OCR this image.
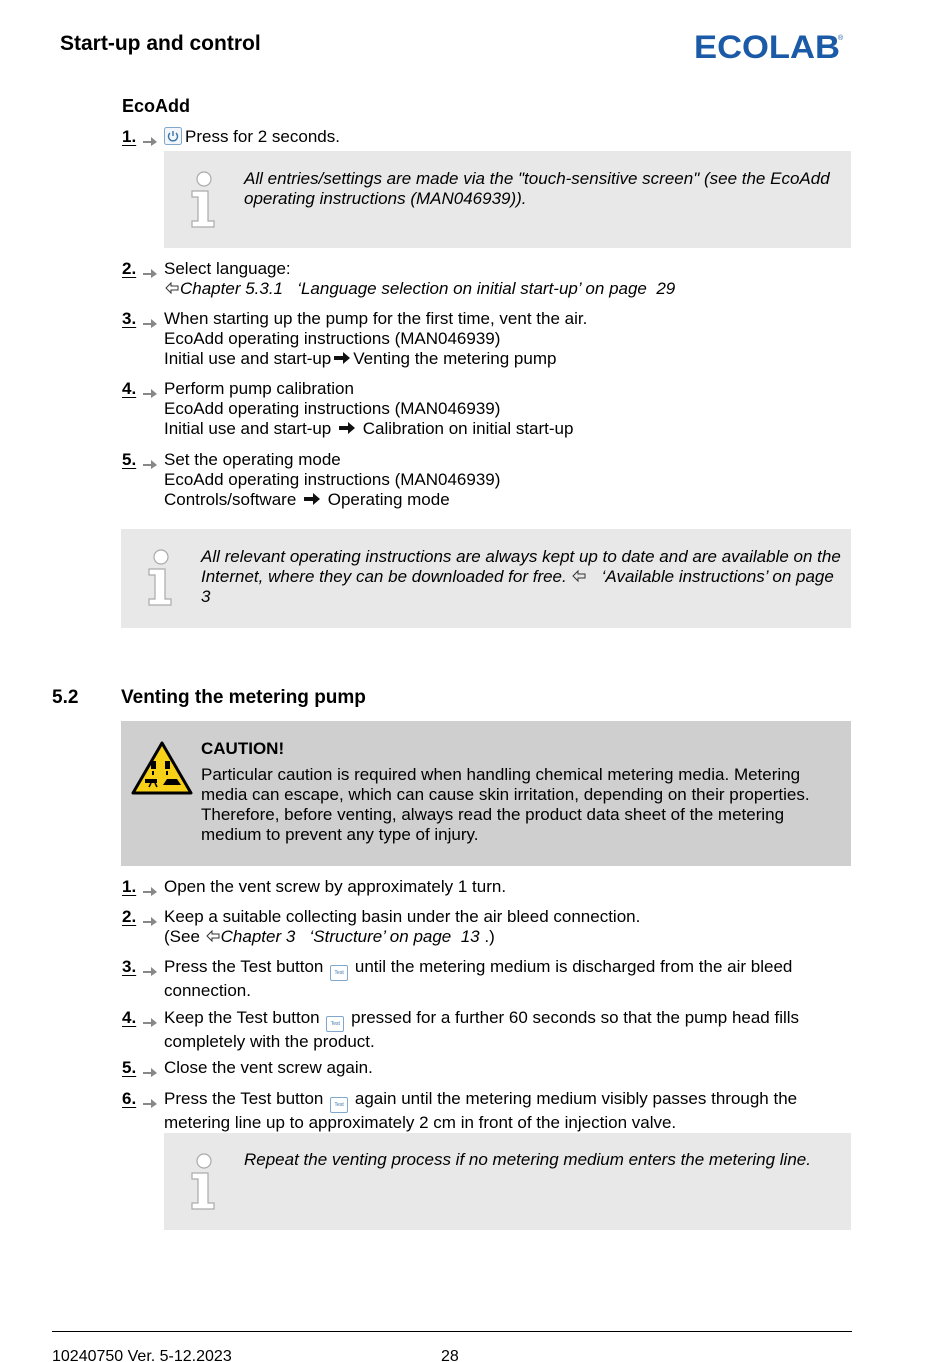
Start-up and control	ECOLAB
®
EcoAdd
1.	Press for 2 seconds.
All entries/settings are made via the "touch-sensitive screen" (see the EcoAdd operating instructions (MAN046939)).
2.	Select language:
Chapter 5.3.1 ‘Language selection on initial start-up’ on page 29
3.	When starting up the pump for the first time, vent the air.
EcoAdd operating instructions (MAN046939)
Initial use and start-up Venting the metering pump
4.	Perform pump calibration
EcoAdd operating instructions (MAN046939)
Initial use and start-up Calibration on initial start-up
5.	Set the operating mode
EcoAdd operating instructions (MAN046939)
Controls/software Operating mode
All relevant operating instructions are always kept up to date and are available on the Internet, where they can be downloaded for free. ‘Available instructions’ on page  3
5.2 Venting the metering pump
CAUTION!
Particular caution is required when handling chemical metering media. Metering media can escape, which can cause skin irritation, depending on their properties. Therefore, before venting, always read the product data sheet of the metering medium to prevent any type of injury.
1.	Open the vent screw by approximately 1 turn.
2.	Keep a suitable collecting basin under the air bleed connection.
(See Chapter 3 ‘Structure’ on page 13 .)
3.	Press the Test button Test until the metering medium is discharged from the air bleed
connection.
4.	Keep the Test button Test pressed for a further 60 seconds so that the pump head fills
completely with the product.
5.	Close the vent screw again.
6.	Press the Test button Test again until the metering medium visibly passes through the
metering line up to approximately 2 cm in front of the injection valve.
Repeat the venting process if no metering medium enters the metering line.
10240750 Ver. 5-12.2023	28
